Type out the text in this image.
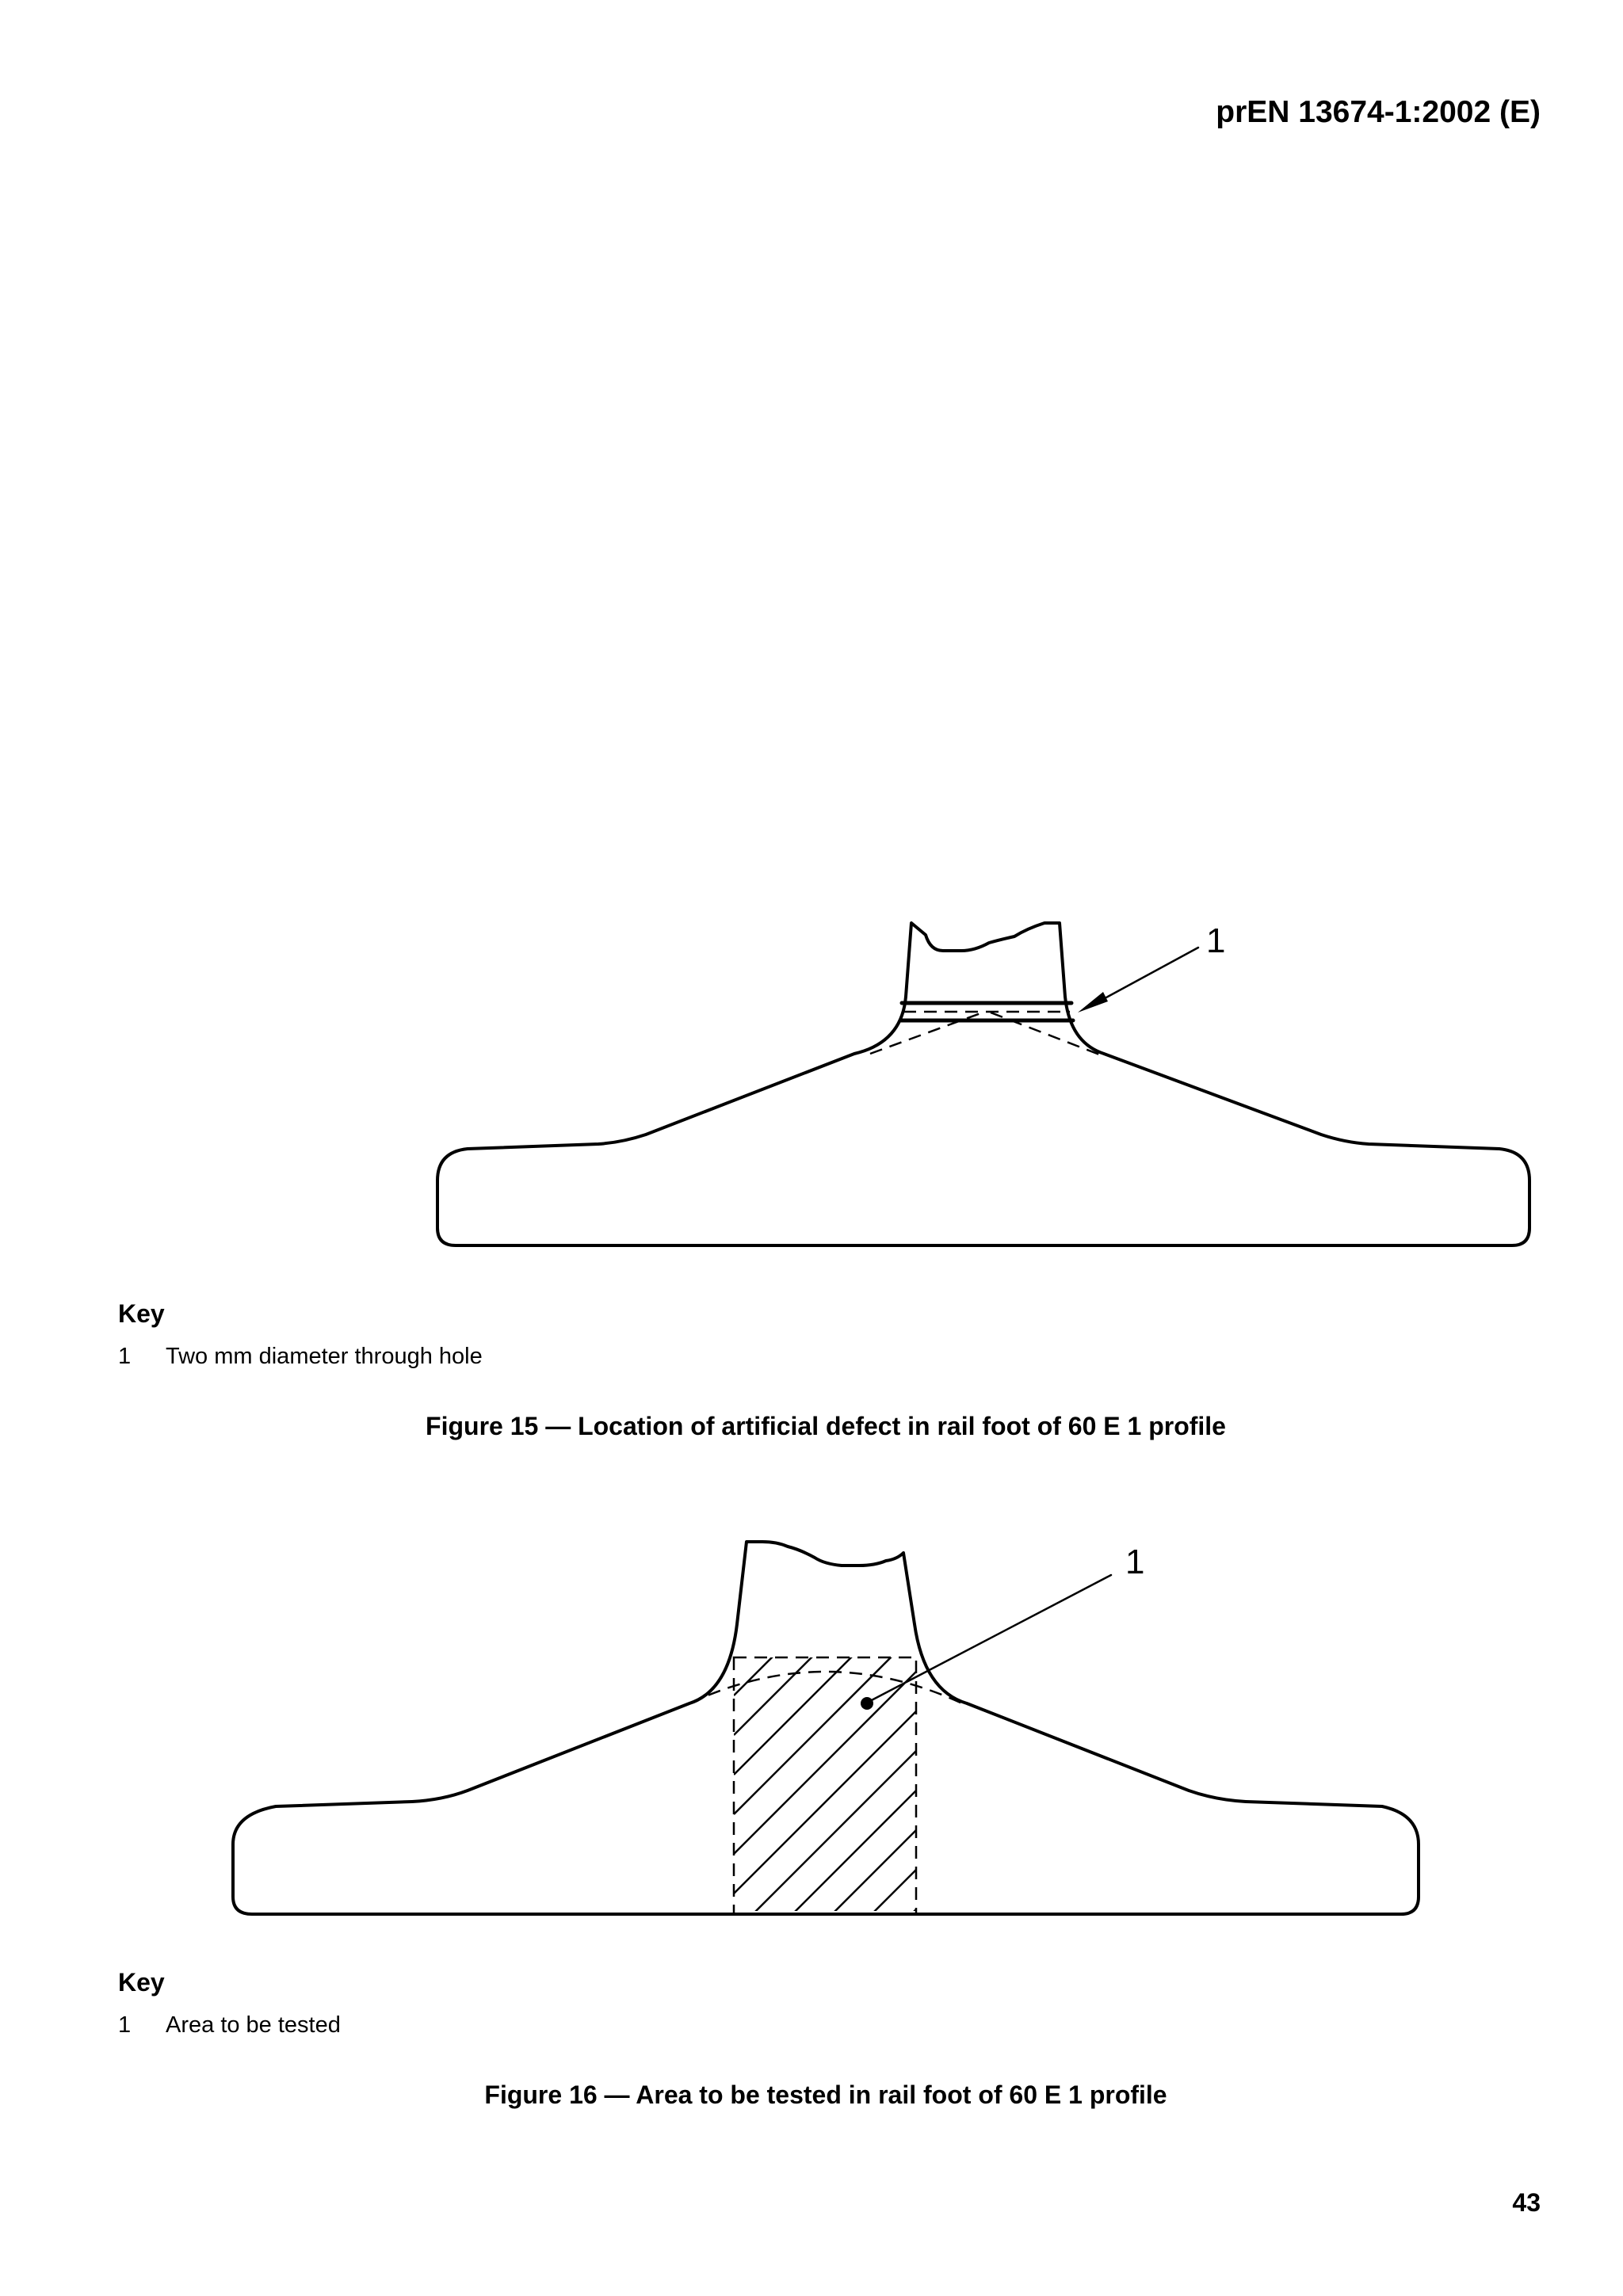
prEN 13674-1:2002 (E)
1
Key
1 Two mm diameter through hole
Figure 15 — Location of artificial defect in rail foot of 60 E 1 profile
1
Key
1 Area to be tested
Figure 16 — Area to be tested in rail foot of 60 E 1 profile
43
